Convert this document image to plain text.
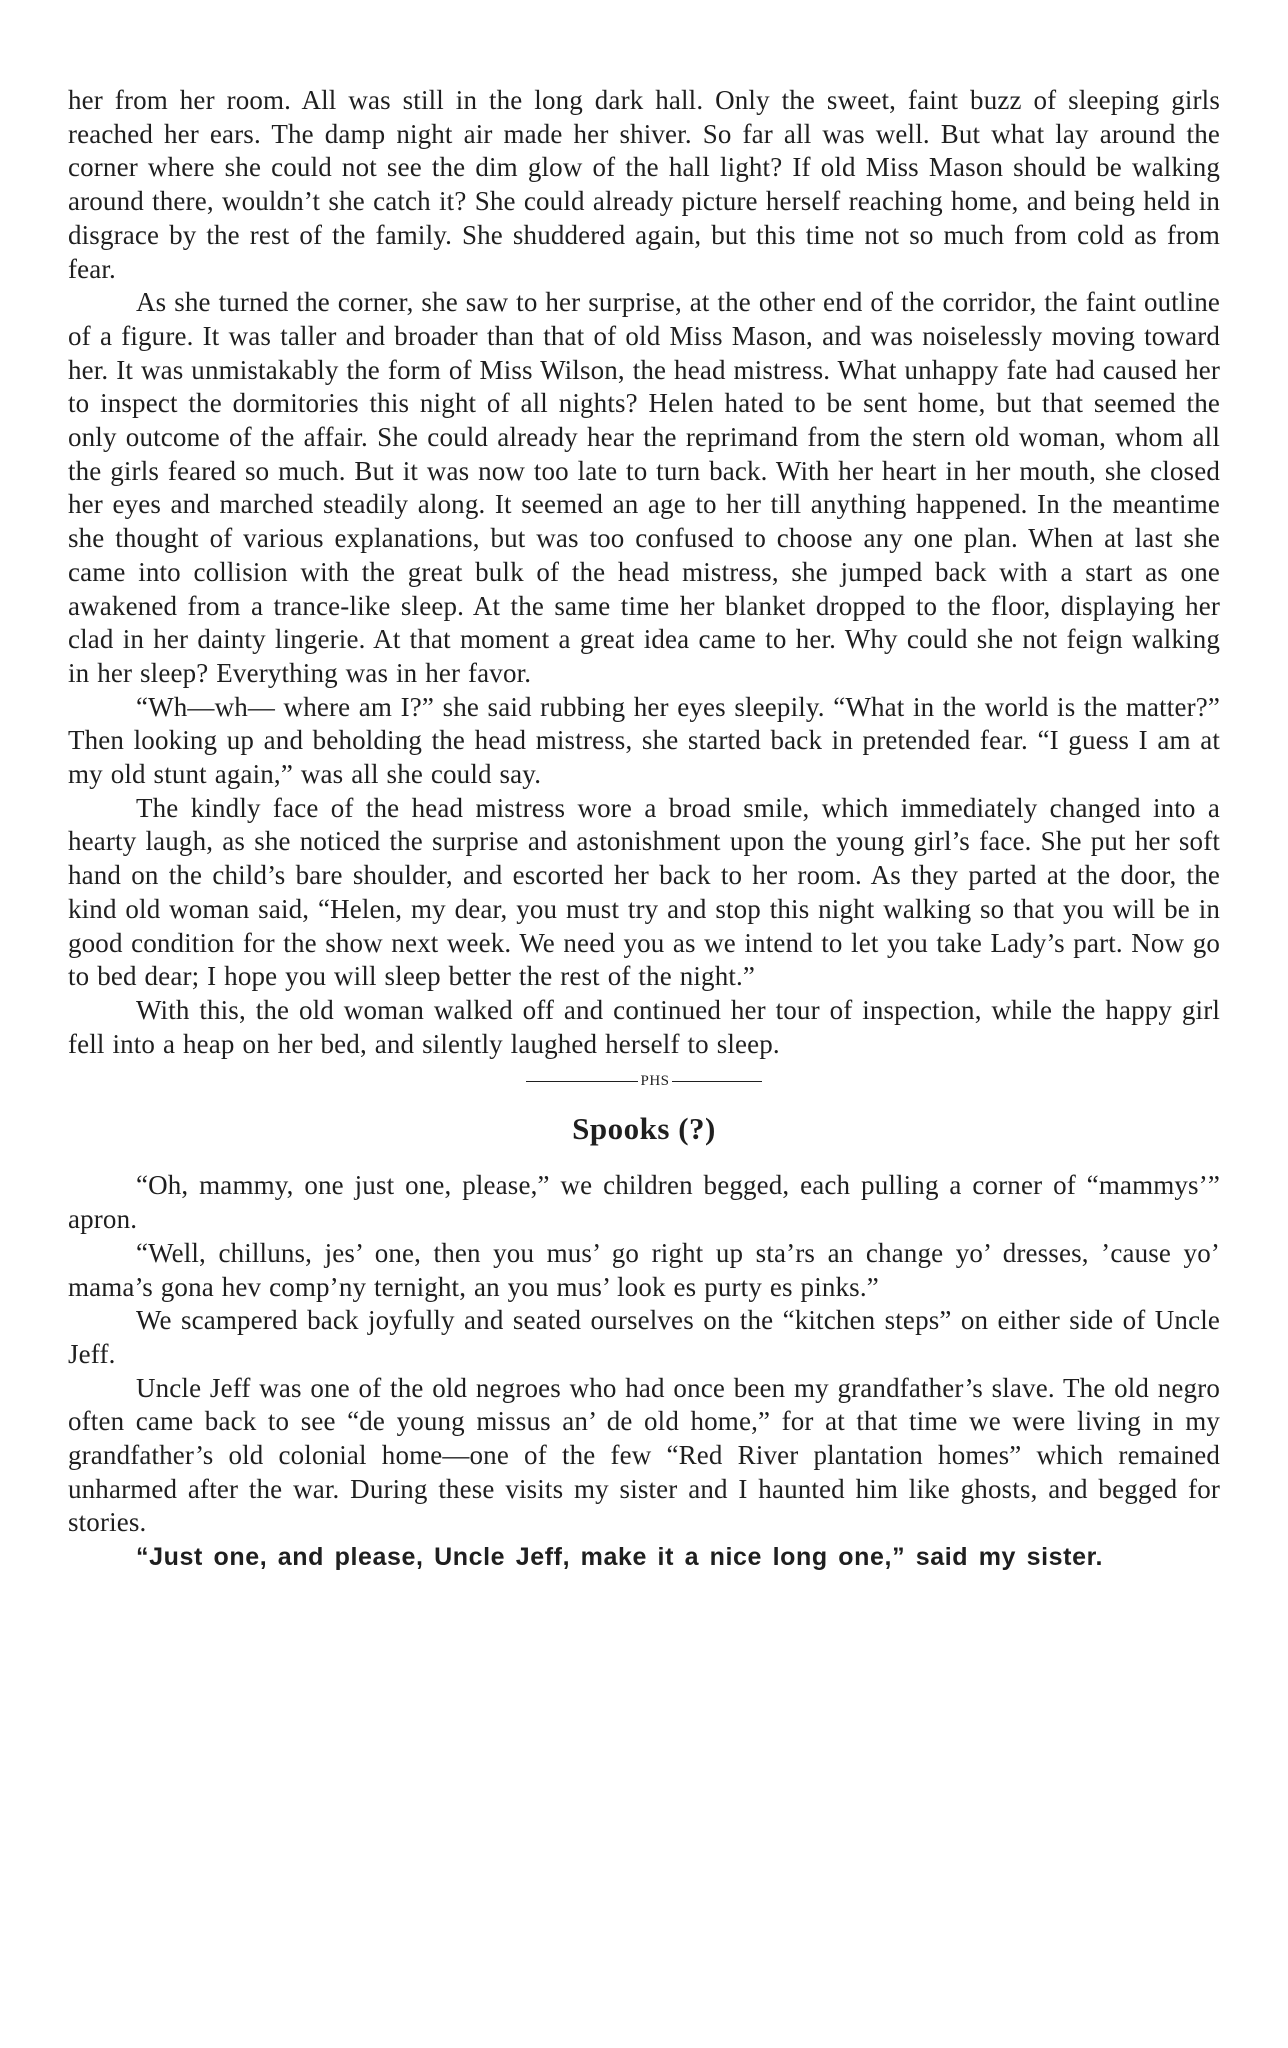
her from her room. All was still in the long dark hall. Only the sweet, faint buzz of sleeping girls reached her ears. The damp night air made her shiver. So far all was well. But what lay around the corner where she could not see the dim glow of the hall light? If old Miss Mason should be walking around there, wouldn’t she catch it? She could already picture herself reaching home, and being held in disgrace by the rest of the family. She shuddered again, but this time not so much from cold as from fear.

As she turned the corner, she saw to her surprise, at the other end of the corridor, the faint outline of a figure. It was taller and broader than that of old Miss Mason, and was noiselessly moving toward her. It was unmistakably the form of Miss Wilson, the head mistress. What unhappy fate had caused her to inspect the dormitories this night of all nights? Helen hated to be sent home, but that seemed the only outcome of the affair. She could already hear the reprimand from the stern old woman, whom all the girls feared so much. But it was now too late to turn back. With her heart in her mouth, she closed her eyes and marched steadily along. It seemed an age to her till anything happened. In the meantime she thought of various explanations, but was too confused to choose any one plan. When at last she came into collision with the great bulk of the head mistress, she jumped back with a start as one awakened from a trance-like sleep. At the same time her blanket dropped to the floor, displaying her clad in her dainty lingerie. At that moment a great idea came to her. Why could she not feign walking in her sleep? Everything was in her favor.

“Wh—wh— where am I?” she said rubbing her eyes sleepily. “What in the world is the matter?” Then looking up and beholding the head mistress, she started back in pretended fear. “I guess I am at my old stunt again,” was all she could say.

The kindly face of the head mistress wore a broad smile, which immediately changed into a hearty laugh, as she noticed the surprise and astonishment upon the young girl’s face. She put her soft hand on the child’s bare shoulder, and escorted her back to her room. As they parted at the door, the kind old woman said, “Helen, my dear, you must try and stop this night walking so that you will be in good condition for the show next week. We need you as we intend to let you take Lady’s part. Now go to bed dear; I hope you will sleep better the rest of the night.”

With this, the old woman walked off and continued her tour of inspection, while the happy girl fell into a heap on her bed, and silently laughed herself to sleep.

PHS
Spooks (?)

“Oh, mammy, one just one, please,” we children begged, each pulling a corner of “mammys’” apron.

“Well, chilluns, jes’ one, then you mus’ go right up sta’rs an change yo’ dresses, ’cause yo’ mama’s gona hev comp’ny ternight, an you mus’ look es purty es pinks.”

We scampered back joyfully and seated ourselves on the “kitchen steps” on either side of Uncle Jeff.

Uncle Jeff was one of the old negroes who had once been my grandfather’s slave. The old negro often came back to see “de young missus an’ de old home,” for at that time we were living in my grandfather’s old colonial home—one of the few “Red River plantation homes” which remained unharmed after the war. During these visits my sister and I haunted him like ghosts, and begged for stories.

“Just one, and please, Uncle Jeff, make it a nice long one,” said my sister.
